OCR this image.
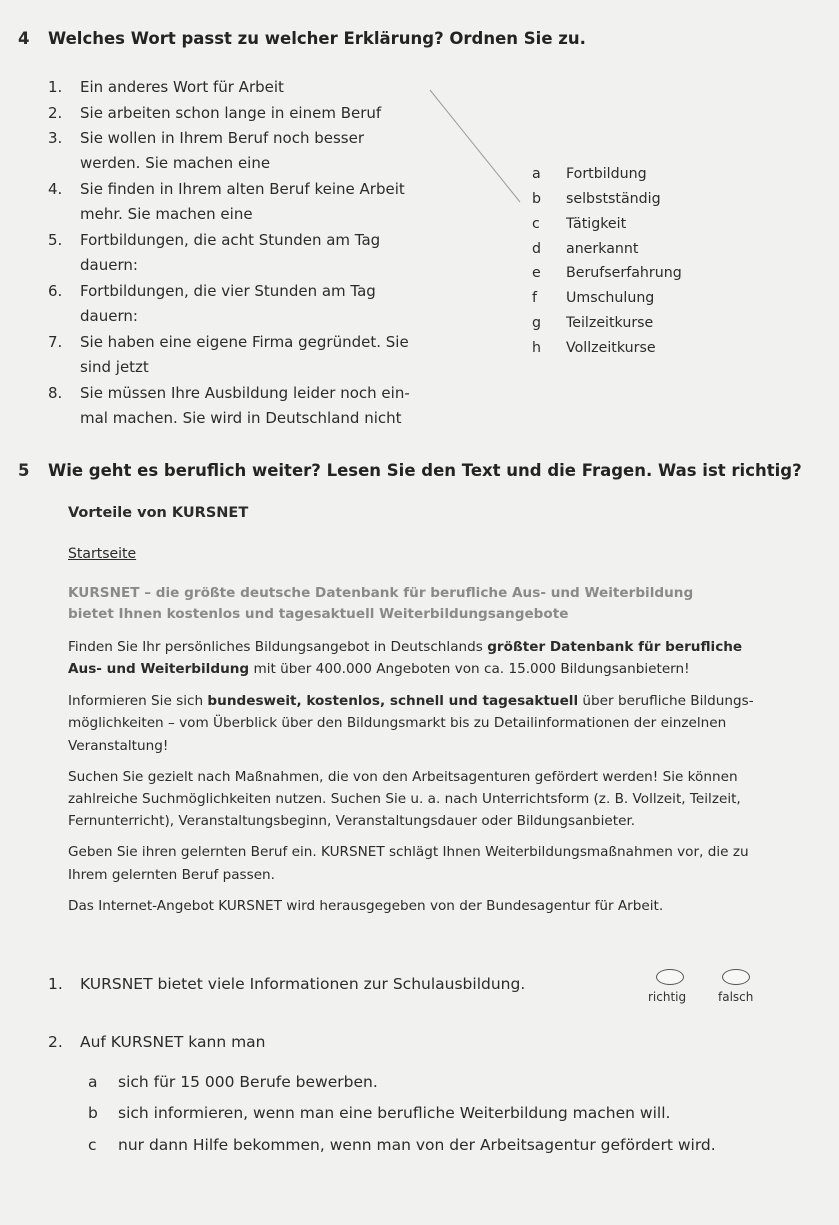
4 Welches Wort passt zu welcher Erklärung? Ordnen Sie zu.
1. Ein anderes Wort für Arbeit
2. Sie arbeiten schon lange in einem Beruf
3. Sie wollen in Ihrem Beruf noch besser
werden. Sie machen eine
4. Sie finden in Ihrem alten Beruf keine Arbeit
mehr. Sie machen eine
5. Fortbildungen, die acht Stunden am Tag
dauern:
6. Fortbildungen, die vier Stunden am Tag
dauern:
7. Sie haben eine eigene Firma gegründet. Sie
sind jetzt
8. Sie müssen Ihre Ausbildung leider noch ein-
mal machen. Sie wird in Deutschland nicht
a Fortbildung
b selbstständig
c Tätigkeit
d anerkannt
e Berufserfahrung
f Umschulung
g Teilzeitkurse
h Vollzeitkurse
5 Wie geht es beruflich weiter? Lesen Sie den Text und die Fragen. Was ist richtig?
Vorteile von KURSNET
Startseite
KURSNET – die größte deutsche Datenbank für berufliche Aus- und Weiterbildung
bietet Ihnen kostenlos und tagesaktuell Weiterbildungsangebote
Finden Sie Ihr persönliches Bildungsangebot in Deutschlands größter Datenbank für berufliche
Aus- und Weiterbildung mit über 400.000 Angeboten von ca. 15.000 Bildungsanbietern!
Informieren Sie sich bundesweit, kostenlos, schnell und tagesaktuell über berufliche Bildungs-
möglichkeiten – vom Überblick über den Bildungsmarkt bis zu Detailinformationen der einzelnen
Veranstaltung!
Suchen Sie gezielt nach Maßnahmen, die von den Arbeitsagenturen gefördert werden! Sie können
zahlreiche Suchmöglichkeiten nutzen. Suchen Sie u. a. nach Unterrichtsform (z. B. Vollzeit, Teilzeit,
Fernunterricht), Veranstaltungsbeginn, Veranstaltungsdauer oder Bildungsanbieter.
Geben Sie ihren gelernten Beruf ein. KURSNET schlägt Ihnen Weiterbildungsmaßnahmen vor, die zu
Ihrem gelernten Beruf passen.
Das Internet-Angebot KURSNET wird herausgegeben von der Bundesagentur für Arbeit.
1. KURSNET bietet viele Informationen zur Schulausbildung.
richtig	falsch
2. Auf KURSNET kann man
a sich für 15 000 Berufe bewerben.
b sich informieren, wenn man eine berufliche Weiterbildung machen will.
c nur dann Hilfe bekommen, wenn man von der Arbeitsagentur gefördert wird.
